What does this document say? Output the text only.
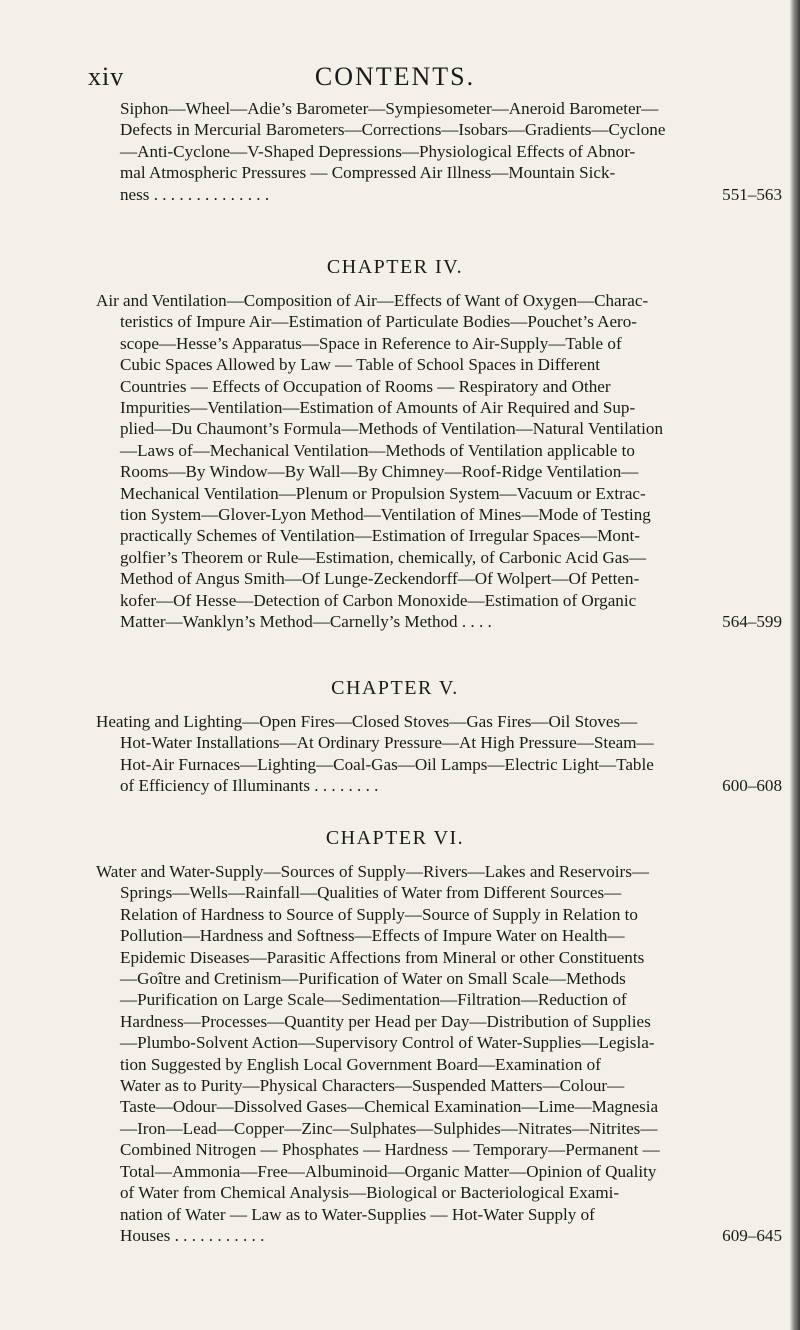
xiv	CONTENTS.
Siphon—Wheel—Adie’s Barometer—Sympiesometer—Aneroid Barometer—
Defects in Mercurial Barometers—Corrections—Isobars—Gradients—Cyclone
—Anti-Cyclone—V-Shaped Depressions—Physiological Effects of Abnor-
mal Atmospheric Pressures — Compressed Air Illness—Mountain Sick-
ness . . . . . . . . . . . . . .	551–563
CHAPTER IV.
Air and Ventilation—Composition of Air—Effects of Want of Oxygen—Charac-
teristics of Impure Air—Estimation of Particulate Bodies—Pouchet’s Aero-
scope—Hesse’s Apparatus—Space in Reference to Air-Supply—Table of
Cubic Spaces Allowed by Law — Table of School Spaces in Different
Countries — Effects of Occupation of Rooms — Respiratory and Other
Impurities—Ventilation—Estimation of Amounts of Air Required and Sup-
plied—Du Chaumont’s Formula—Methods of Ventilation—Natural Ventilation
—Laws of—Mechanical Ventilation—Methods of Ventilation applicable to
Rooms—By Window—By Wall—By Chimney—Roof-Ridge Ventilation—
Mechanical Ventilation—Plenum or Propulsion System—Vacuum or Extrac-
tion System—Glover-Lyon Method—Ventilation of Mines—Mode of Testing
practically Schemes of Ventilation—Estimation of Irregular Spaces—Mont-
golfier’s Theorem or Rule—Estimation, chemically, of Carbonic Acid Gas—
Method of Angus Smith—Of Lunge-Zeckendorff—Of Wolpert—Of Petten-
kofer—Of Hesse—Detection of Carbon Monoxide—Estimation of Organic
Matter—Wanklyn’s Method—Carnelly’s Method . . . .	564–599
CHAPTER V.
Heating and Lighting—Open Fires—Closed Stoves—Gas Fires—Oil Stoves—
Hot-Water Installations—At Ordinary Pressure—At High Pressure—Steam—
Hot-Air Furnaces—Lighting—Coal-Gas—Oil Lamps—Electric Light—Table
of Efficiency of Illuminants . . . . . . . .	600–608
CHAPTER VI.
Water and Water-Supply—Sources of Supply—Rivers—Lakes and Reservoirs—
Springs—Wells—Rainfall—Qualities of Water from Different Sources—
Relation of Hardness to Source of Supply—Source of Supply in Relation to
Pollution—Hardness and Softness—Effects of Impure Water on Health—
Epidemic Diseases—Parasitic Affections from Mineral or other Constituents
—Goître and Cretinism—Purification of Water on Small Scale—Methods
—Purification on Large Scale—Sedimentation—Filtration—Reduction of
Hardness—Processes—Quantity per Head per Day—Distribution of Supplies
—Plumbo-Solvent Action—Supervisory Control of Water-Supplies—Legisla-
tion Suggested by English Local Government Board—Examination of
Water as to Purity—Physical Characters—Suspended Matters—Colour—
Taste—Odour—Dissolved Gases—Chemical Examination—Lime—Magnesia
—Iron—Lead—Copper—Zinc—Sulphates—Sulphides—Nitrates—Nitrites—
Combined Nitrogen — Phosphates — Hardness — Temporary—Permanent —
Total—Ammonia—Free—Albuminoid—Organic Matter—Opinion of Quality
of Water from Chemical Analysis—Biological or Bacteriological Exami-
nation of Water — Law as to Water-Supplies — Hot-Water Supply of
Houses . . . . . . . . . . .	609–645
